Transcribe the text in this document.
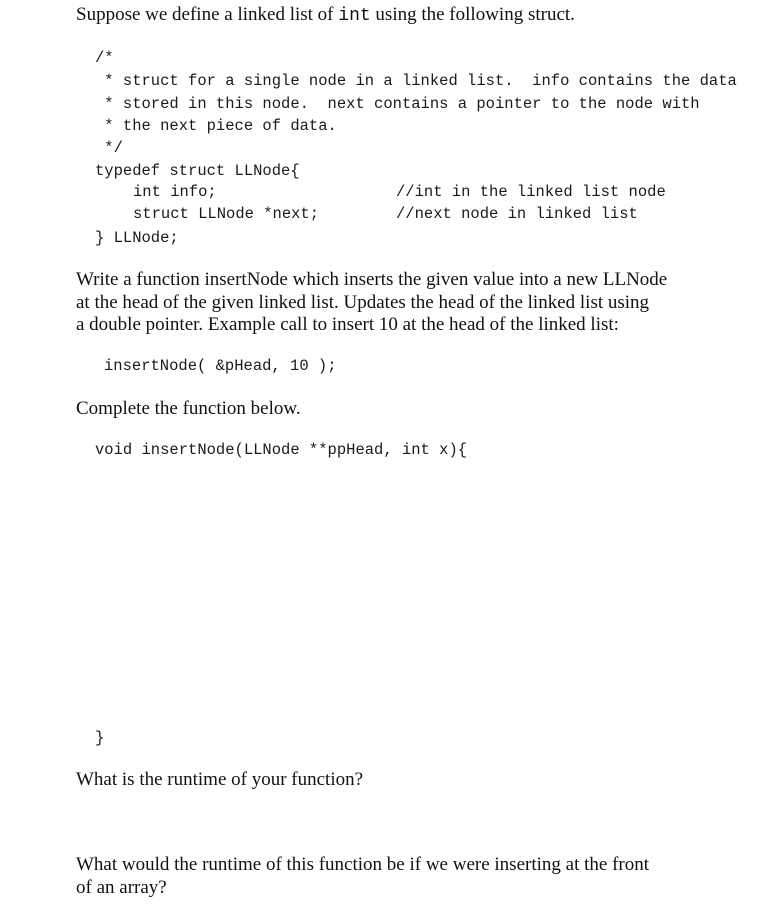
Suppose we define a linked list of int using the following struct.

/*
* struct for a single node in a linked list.  info contains the data
* stored in this node.  next contains a pointer to the node with
* the next piece of data.
*/
typedef struct LLNode{
int info;	//int in the linked list node
struct LLNode *next;	//next node in linked list
} LLNode;

Write a function insertNode which inserts the given value into a new LLNode

at the head of the given linked list. Updates the head of the linked list using

a double pointer. Example call to insert 10 at the head of the linked list:

insertNode( &pHead, 10 );

Complete the function below.

void insertNode(LLNode **ppHead, int x){
}

What is the runtime of your function?

What would the runtime of this function be if we were inserting at the front

of an array?
